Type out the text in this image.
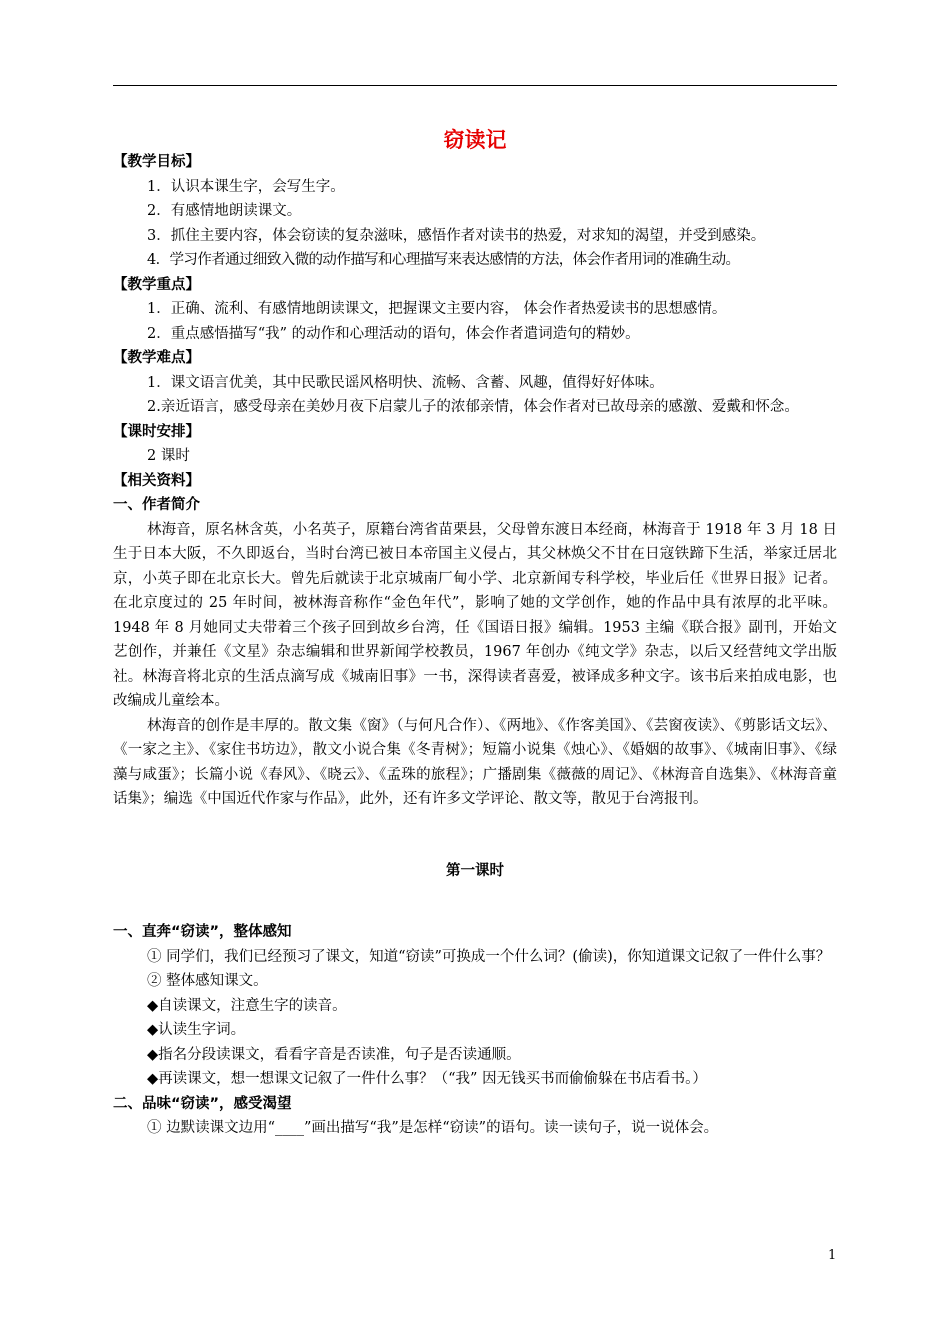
窃读记
【教学目标】
1．认识本课生字，会写生字。
2．有感情地朗读课文。
3．抓住主要内容，体会窃读的复杂滋味，感悟作者对读书的热爱，对求知的渴望，并受到感染。
4．学习作者通过细致入微的动作描写和心理描写来表达感情的方法，体会作者用词的准确生动。
【教学重点】
1．正确、流利、有感情地朗读课文，把握课文主要内容， 体会作者热爱读书的思想感情。
2．重点感悟描写“我” 的动作和心理活动的语句，体会作者遣词造句的精妙。
【教学难点】
1．课文语言优美，其中民歌民谣风格明快、流畅、含蓄、风趣，值得好好体味。

2.亲近语言，感受母亲在美妙月夜下启蒙儿子的浓郁亲情，体会作者对已故母亲的感激、爱戴和怀念。

【课时安排】
2 课时
【相关资料】
一、作者简介

林海音，原名林含英，小名英子，原籍台湾省苗栗县，父母曾东渡日本经商，林海音于 1918 年 3 月 18 日生于日本大阪，不久即返台，当时台湾已被日本帝国主义侵占，其父林焕父不甘在日寇铁蹄下生活，举家迁居北京，小英子即在北京长大。曾先后就读于北京城南厂甸小学、北京新闻专科学校，毕业后任《世界日报》记者。在北京度过的 25 年时间，被林海音称作“金色年代”，影响了她的文学创作，她的作品中具有浓厚的北平味。1948 年 8 月她同丈夫带着三个孩子回到故乡台湾，任《国语日报》编辑。1953 主编《联合报》副刊，开始文艺创作，并兼任《文星》杂志编辑和世界新闻学校教员，1967 年创办《纯文学》杂志，以后又经营纯文学出版社。林海音将北京的生活点滴写成《城南旧事》一书，深得读者喜爱，被译成多种文字。该书后来拍成电影，也改编成儿童绘本。

林海音的创作是丰厚的。散文集《窗》（与何凡合作）、《两地》、《作客美国》、《芸窗夜读》、《剪影话文坛》、《一家之主》、《家住书坊边》，散文小说合集《冬青树》；短篇小说集《烛心》、《婚姻的故事》、《城南旧事》、《绿藻与咸蛋》；长篇小说《春风》、《晓云》、《孟珠的旅程》；广播剧集《薇薇的周记》、《林海音自选集》、《林海音童话集》；编选《中国近代作家与作品》，此外，还有许多文学评论、散文等，散见于台湾报刊。

第一课时
一、直奔“窃读”，整体感知

① 同学们，我们已经预习了课文，知道“窃读”可换成一个什么词？(偷读)，你知道课文记叙了一件什么事？

② 整体感知课文。
◆自读课文，注意生字的读音。
◆认读生字词。
◆指名分段读课文，看看字音是否读准，句子是否读通顺。
◆再读课文，想一想课文记叙了一件什么事？（“我” 因无钱买书而偷偷躲在书店看书。）
二、品味“窃读”，感受渴望
① 边默读课文边用“____”画出描写“我”是怎样“窃读”的语句。读一读句子，说一说体会。
1
